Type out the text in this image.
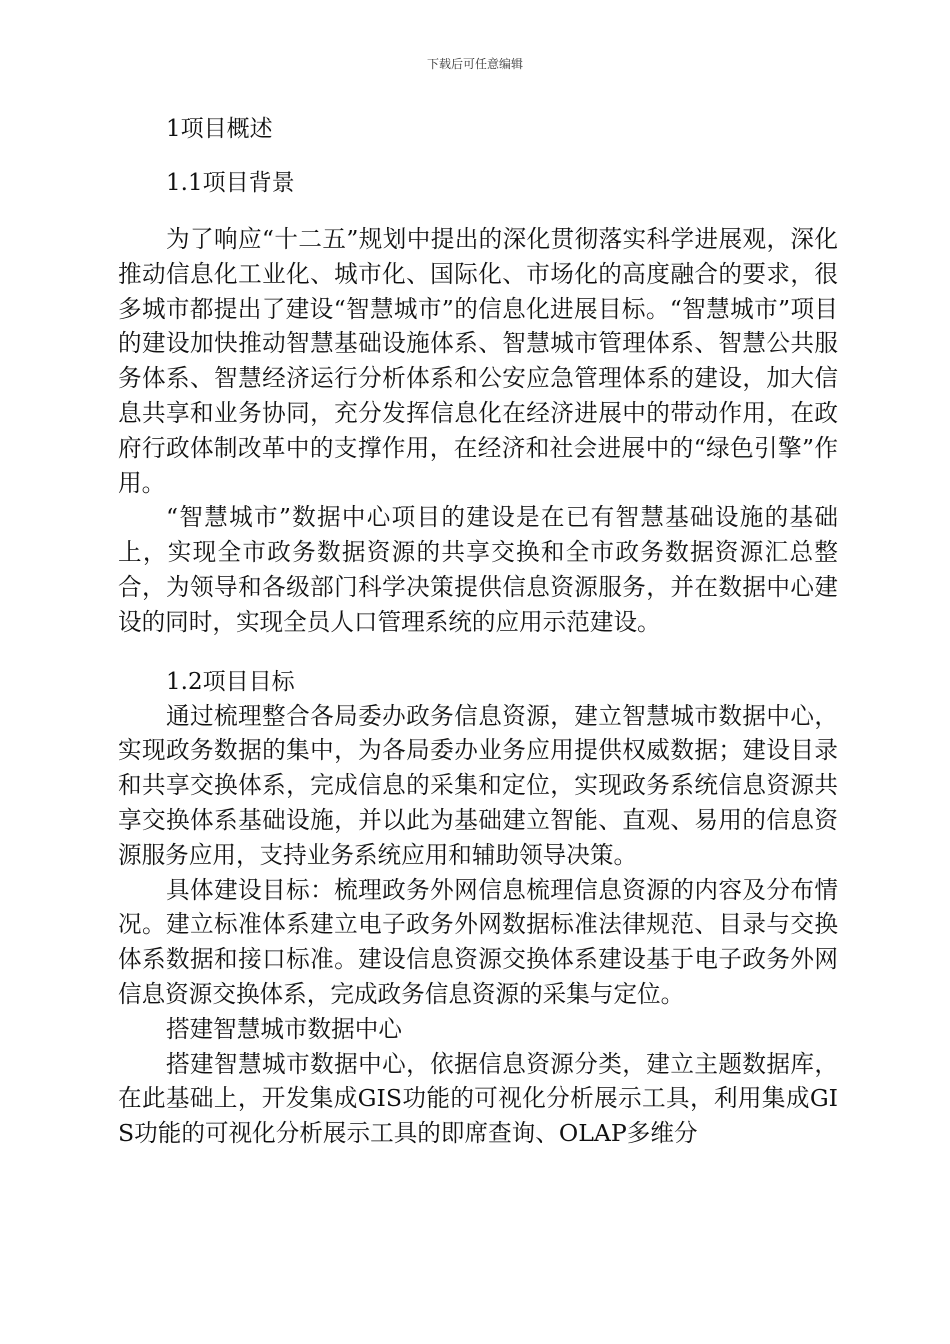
下载后可任意编辑

1项目概述

1.1项目背景

为了响应“十二五”规划中提出的深化贯彻落实科学进展观，深化推动信息化工业化、城市化、国际化、市场化的高度融合的要求，很多城市都提出了建设“智慧城市”的信息化进展目标。“智慧城市”项目的建设加快推动智慧基础设施体系、智慧城市管理体系、智慧公共服务体系、智慧经济运行分析体系和公安应急管理体系的建设，加大信息共享和业务协同，充分发挥信息化在经济进展中的带动作用，在政府行政体制改革中的支撑作用，在经济和社会进展中的“绿色引擎”作用。

“智慧城市”数据中心项目的建设是在已有智慧基础设施的基础上，实现全市政务数据资源的共享交换和全市政务数据资源汇总整合，为领导和各级部门科学决策提供信息资源服务，并在数据中心建设的同时，实现全员人口管理系统的应用示范建设。

1.2项目目标

通过梳理整合各局委办政务信息资源，建立智慧城市数据中心，实现政务数据的集中，为各局委办业务应用提供权威数据；建设目录和共享交换体系，完成信息的采集和定位，实现政务系统信息资源共享交换体系基础设施，并以此为基础建立智能、直观、易用的信息资源服务应用，支持业务系统应用和辅助领导决策。

具体建设目标：梳理政务外网信息梳理信息资源的内容及分布情况。建立标准体系建立电子政务外网数据标准法律规范、目录与交换体系数据和接口标准。建设信息资源交换体系建设基于电子政务外网信息资源交换体系，完成政务信息资源的采集与定位。

搭建智慧城市数据中心

搭建智慧城市数据中心，依据信息资源分类，建立主题数据库，在此基础上，开发集成GIS功能的可视化分析展示工具，利用集成GIS功能的可视化分析展示工具的即席查询、OLAP多维分
